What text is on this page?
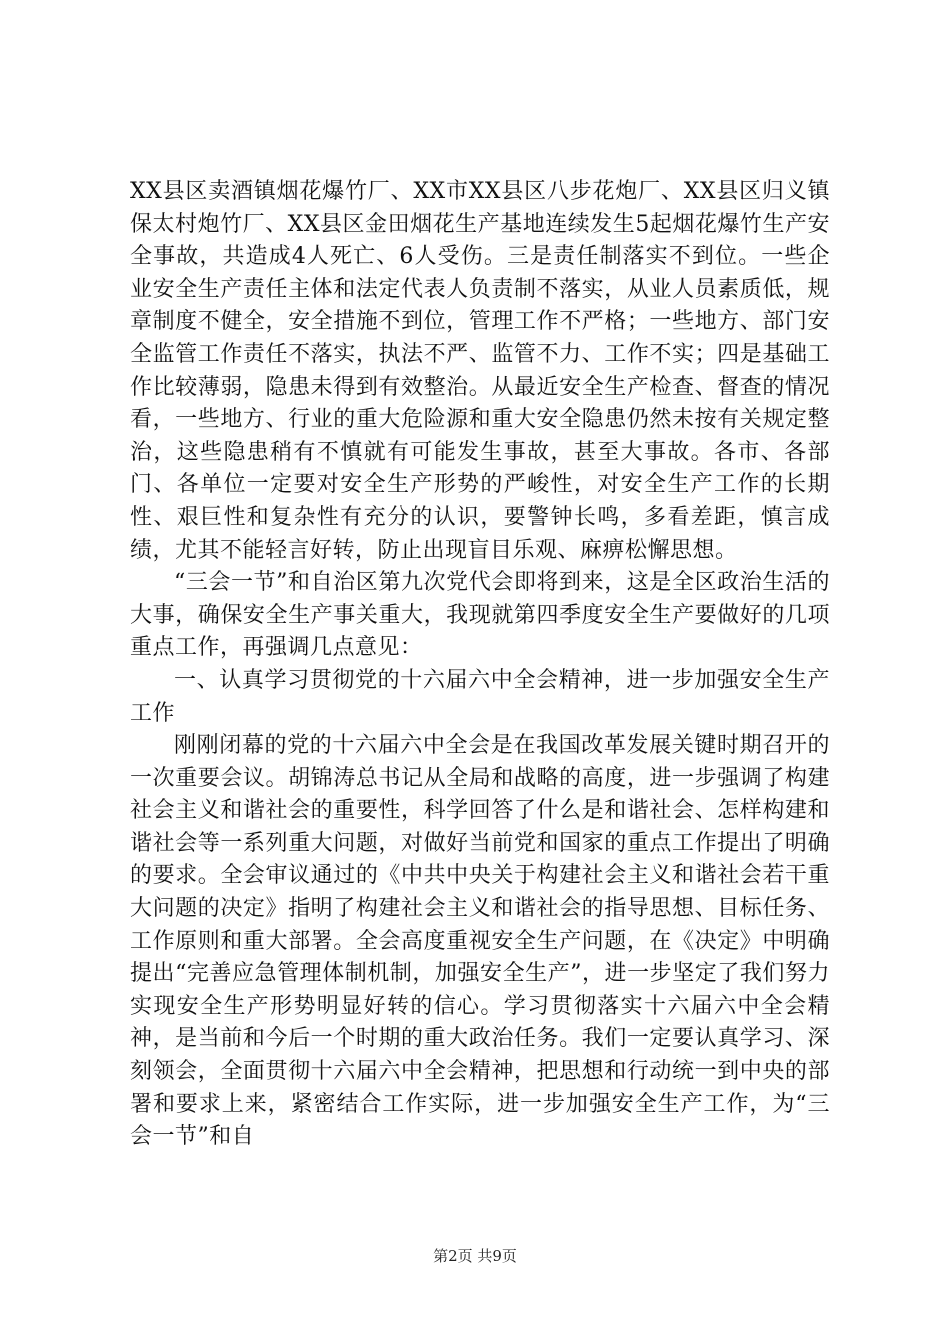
XX县区卖酒镇烟花爆竹厂、XX市XX县区八步花炮厂、XX县区归义镇保太村炮竹厂、XX县区金田烟花生产基地连续发生5起烟花爆竹生产安全事故，共造成4人死亡、6人受伤。三是责任制落实不到位。一些企业安全生产责任主体和法定代表人负责制不落实，从业人员素质低，规章制度不健全，安全措施不到位，管理工作不严格；一些地方、部门安全监管工作责任不落实，执法不严、监管不力、工作不实；四是基础工作比较薄弱，隐患未得到有效整治。从最近安全生产检查、督查的情况看，一些地方、行业的重大危险源和重大安全隐患仍然未按有关规定整治，这些隐患稍有不慎就有可能发生事故，甚至大事故。各市、各部门、各单位一定要对安全生产形势的严峻性，对安全生产工作的长期性、艰巨性和复杂性有充分的认识，要警钟长鸣，多看差距，慎言成绩，尤其不能轻言好转，防止出现盲目乐观、麻痹松懈思想。

“三会一节”和自治区第九次党代会即将到来，这是全区政治生活的大事，确保安全生产事关重大，我现就第四季度安全生产要做好的几项重点工作，再强调几点意见：

一、认真学习贯彻党的十六届六中全会精神，进一步加强安全生产工作

刚刚闭幕的党的十六届六中全会是在我国改革发展关键时期召开的一次重要会议。胡锦涛总书记从全局和战略的高度，进一步强调了构建社会主义和谐社会的重要性，科学回答了什么是和谐社会、怎样构建和谐社会等一系列重大问题，对做好当前党和国家的重点工作提出了明确的要求。全会审议通过的《中共中央关于构建社会主义和谐社会若干重大问题的决定》指明了构建社会主义和谐社会的指导思想、目标任务、工作原则和重大部署。全会高度重视安全生产问题，在《决定》中明确提出“完善应急管理体制机制，加强安全生产”，进一步坚定了我们努力实现安全生产形势明显好转的信心。学习贯彻落实十六届六中全会精神，是当前和今后一个时期的重大政治任务。我们一定要认真学习、深刻领会，全面贯彻十六届六中全会精神，把思想和行动统一到中央的部署和要求上来，紧密结合工作实际，进一步加强安全生产工作，为“三会一节”和自

第2页 共9页
